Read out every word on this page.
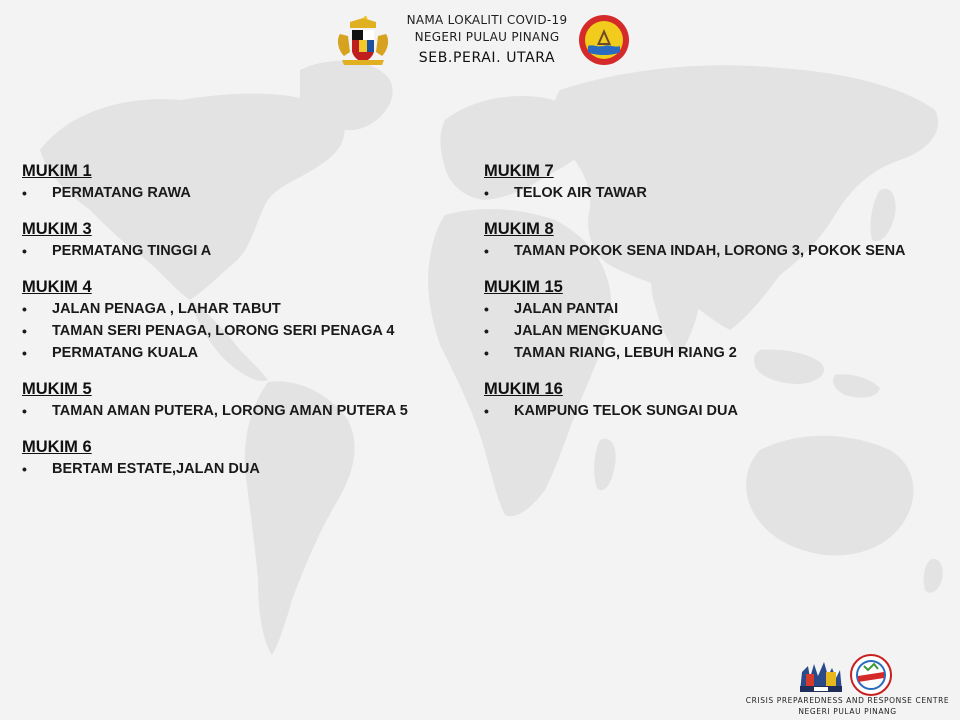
NAMA LOKALITI COVID-19
NEGERI PULAU PINANG
SEB.PERAI. UTARA
MUKIM 1
• PERMATANG RAWA
MUKIM 3
• PERMATANG TINGGI A
MUKIM 4
• JALAN PENAGA , LAHAR TABUT
• TAMAN SERI PENAGA, LORONG SERI PENAGA 4
• PERMATANG KUALA
MUKIM 5
• TAMAN AMAN PUTERA, LORONG AMAN PUTERA 5
MUKIM 6
• BERTAM ESTATE,JALAN DUA
MUKIM 7
• TELOK AIR TAWAR
MUKIM 8
• TAMAN POKOK SENA INDAH, LORONG 3, POKOK SENA
MUKIM 15
• JALAN PANTAI
• JALAN MENGKUANG
• TAMAN RIANG, LEBUH RIANG 2
MUKIM 16
• KAMPUNG TELOK SUNGAI DUA
CRISIS PREPAREDNESS AND RESPONSE CENTRE
NEGERI PULAU PINANG
